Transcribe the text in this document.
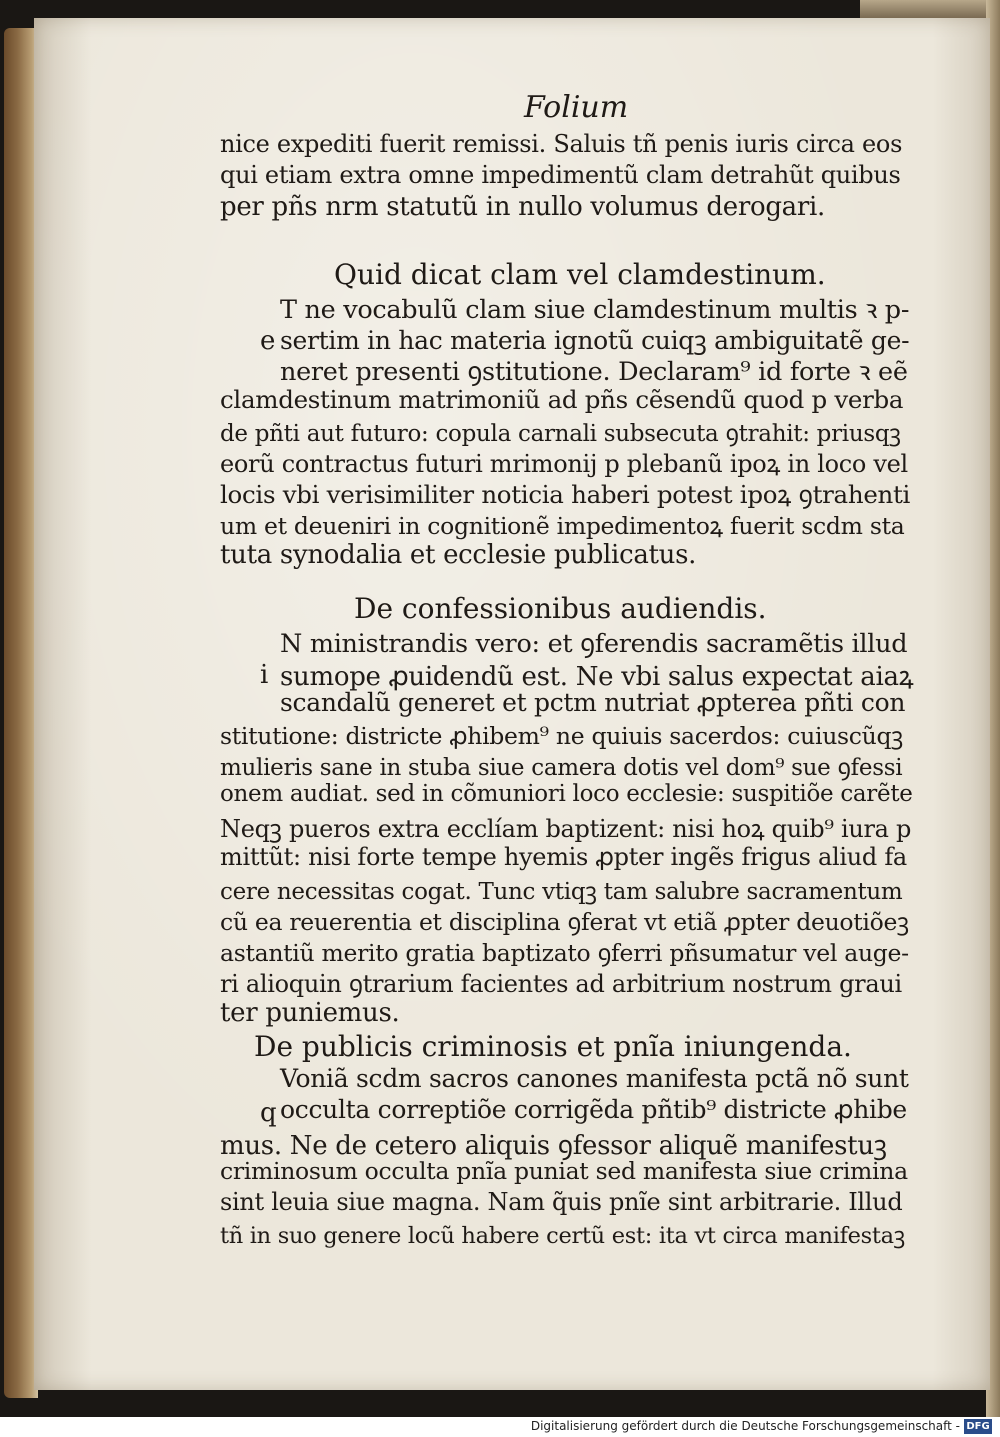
Folium
nice expediti fuerit remissi. Saluis tñ penis iuris circa eos
qui etiam extra omne impedimentũ clam detrahũt quibus
per pñs nrm statutũ in nullo volumus derogari.
Quid dicat clam vel clamdestinum.
e
T ne vocabulũ clam siue clamdestinum multis ꝛ p-
sertim in hac materia ignotũ cuiqꝫ ambiguitatẽ ge-
neret presenti ꝯstitutione. Declaram⁹ id forte ꝛ eẽ
clamdestinum matrimoniũ ad pñs cẽsendũ quod p verba
de pñti aut futuro: copula carnali subsecuta ꝯtrahit: priusqꝫ
eorũ contractus futuri mrimonij p plebanũ ipoꝝ in loco vel
locis vbi verisimiliter noticia haberi potest ipoꝝ ꝯtrahenti
um et deueniri in cognitionẽ impedimentoꝝ fuerit scdm sta
tuta synodalia et ecclesie publicatus.
De confessionibus audiendis.
i
N ministrandis vero: et ꝯferendis sacramẽtis illud
sumope ꝓuidendũ est. Ne vbi salus expectat aiaꝝ
scandalũ generet et pctm nutriat ꝓpterea pñti con
stitutione: districte ꝓhibem⁹ ne quiuis sacerdos: cuiuscũqꝫ
mulieris sane in stuba siue camera dotis vel dom⁹ sue ꝯfessi
onem audiat. sed in cõmuniori loco ecclesie: suspitiõe carẽte
Neqꝫ pueros extra ecclíam baptizent: nisi hoꝝ quib⁹ iura p
mittũt: nisi forte tempe hyemis ꝓpter ingẽs frigus aliud fa
cere necessitas cogat. Tunc vtiqꝫ tam salubre sacramentum
cũ ea reuerentia et disciplina ꝯferat vt etiã ꝓpter deuotiõeꝫ
astantiũ merito gratia baptizato ꝯferri pñsumatur vel auge-
ri alioquin ꝯtrarium facientes ad arbitrium nostrum graui
ter puniemus.
De publicis criminosis et pnĩa iniungenda.
q
Voniã scdm sacros canones manifesta pctã nõ sunt
occulta correptiõe corrigẽda pñtib⁹ districte ꝓhibe
mus. Ne de cetero aliquis ꝯfessor aliquẽ manifestuꝫ
criminosum occulta pnĩa puniat sed manifesta siue crimina
sint leuia siue magna. Nam q̃uis pnĩe sint arbitrarie. Illud
tñ in suo genere locũ habere certũ est: ita vt circa manifestaꝫ
Digitalisierung gefördert durch die Deutsche Forschungsgemeinschaft - DFG
